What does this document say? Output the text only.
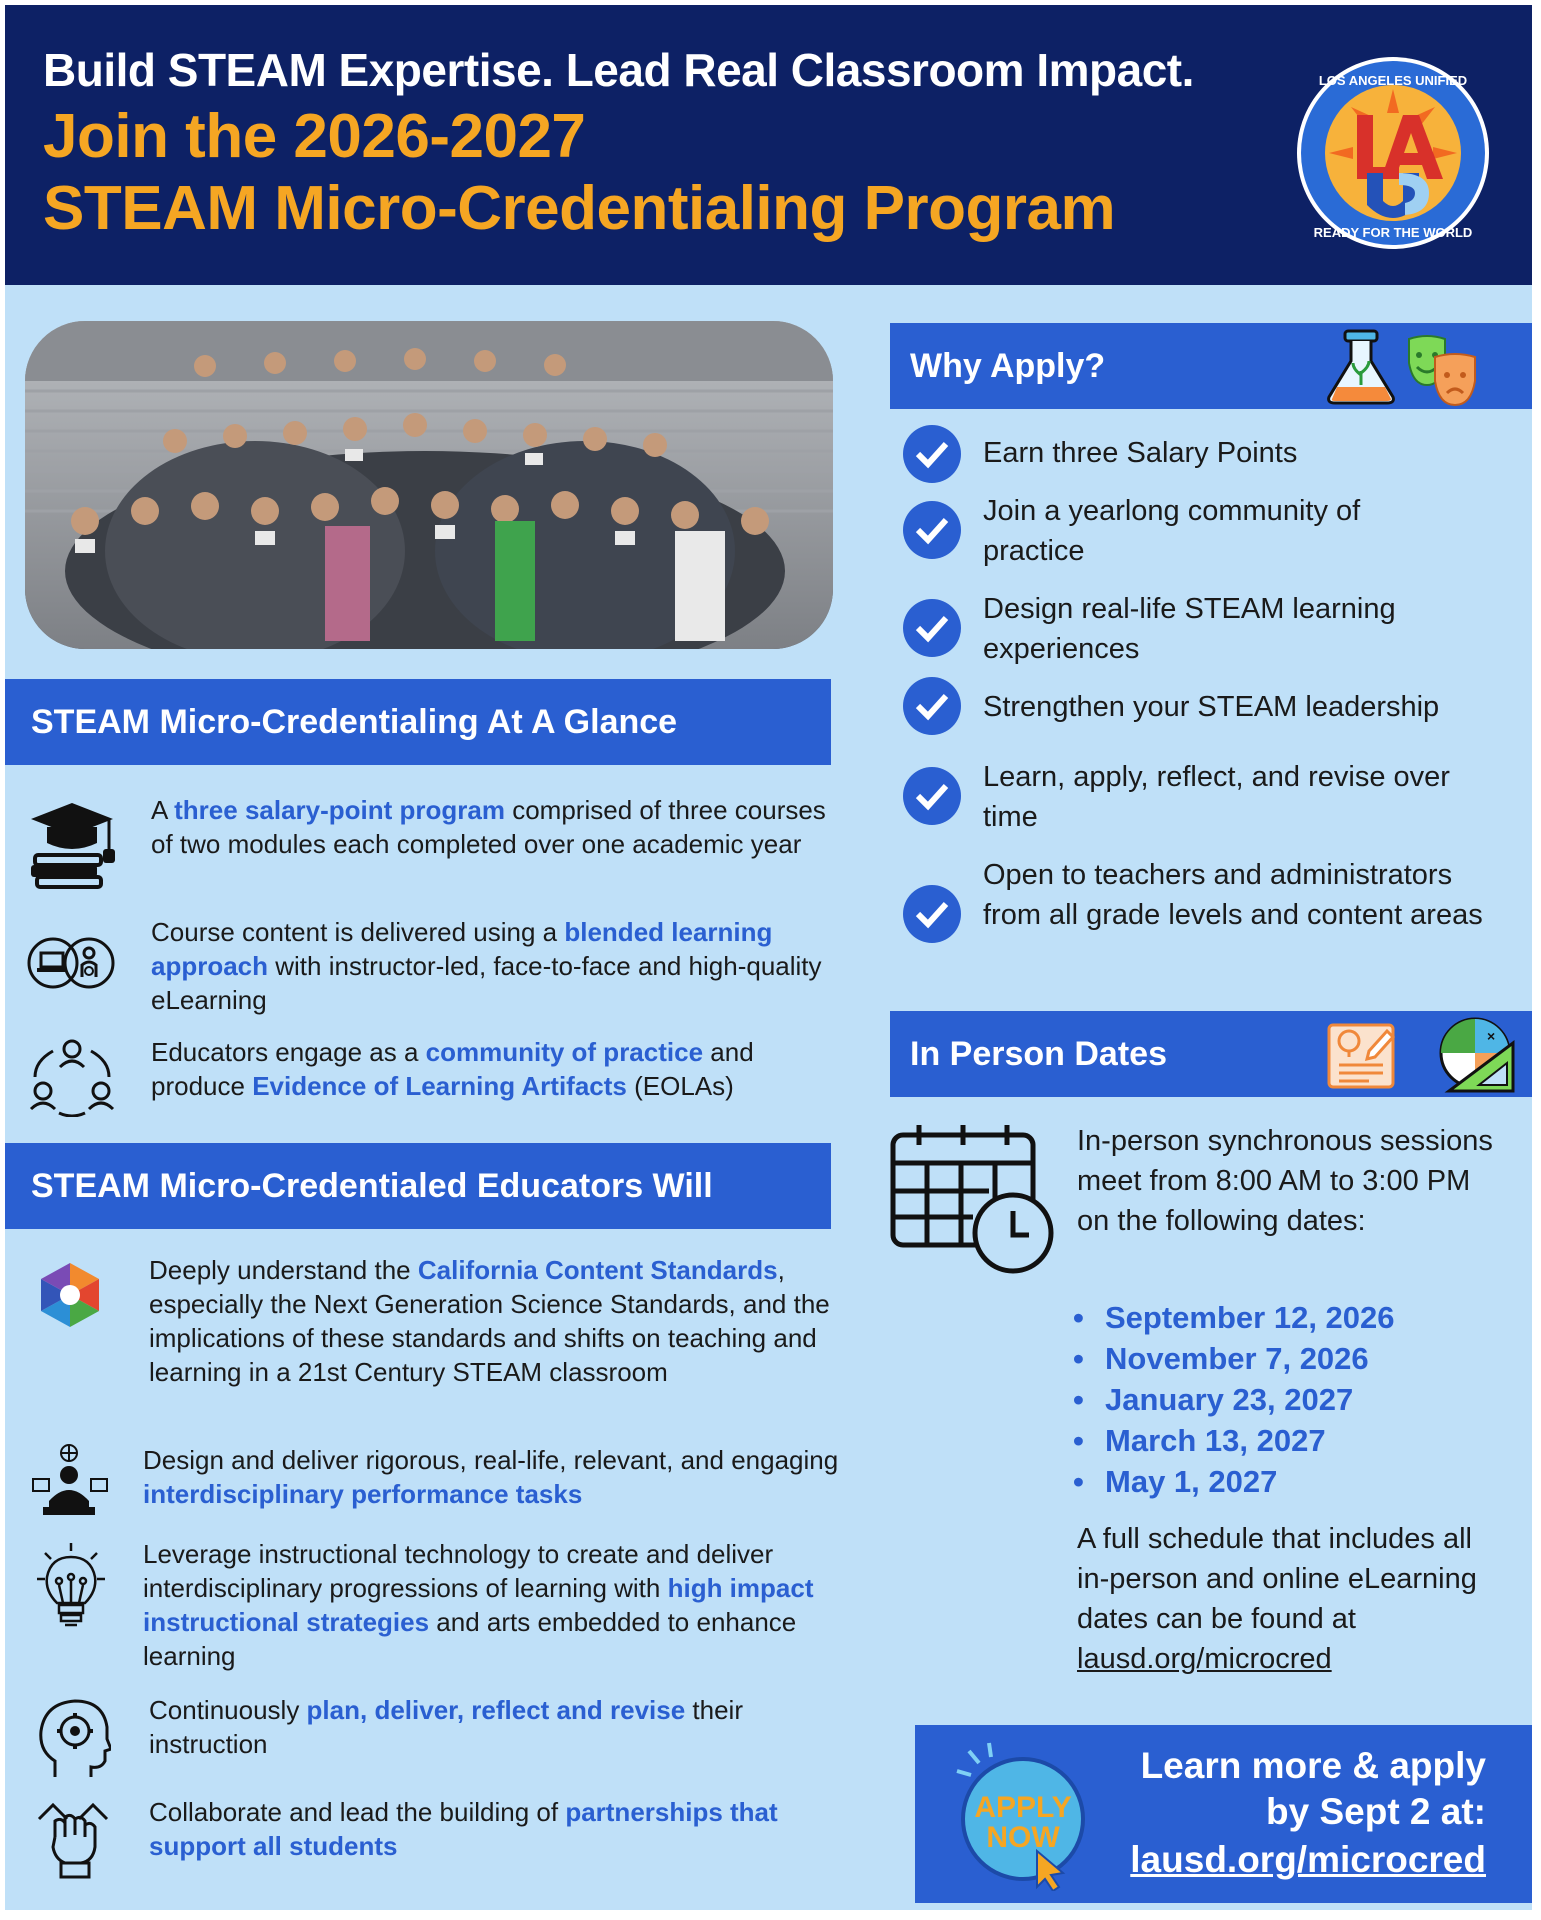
Build STEAM Expertise. Lead Real Classroom Impact.
Join the 2026-2027
STEAM Micro-Credentialing Program
LOS ANGELES UNIFIED
READY FOR THE WORLD
STEAM Micro-Credentialing At A Glance
A three salary-point program comprised of three courses of two modules each completed over one academic year
Course content is delivered using a blended learning approach with instructor-led, face-to-face and high-quality eLearning
Educators engage as a community of practice and produce Evidence of Learning Artifacts (EOLAs)
STEAM Micro-Credentialed Educators Will
Deeply understand the California Content Standards, especially the Next Generation Science Standards, and the implications of these standards and shifts on teaching and learning in a 21st Century STEAM classroom
Design and deliver rigorous, real-life, relevant, and engaging interdisciplinary performance tasks
Leverage instructional technology to create and deliver interdisciplinary progressions of learning with high impact instructional strategies and arts embedded to enhance learning
Continuously plan, deliver, reflect and revise their instruction
Collaborate and lead the building of partnerships that support all students
Why Apply?
Earn three Salary Points
Join a yearlong community of practice
Design real-life STEAM learning experiences
Strengthen your STEAM leadership
Learn, apply, reflect, and revise over time
Open to teachers and administrators from all grade levels and content areas
In Person Dates	×
In-person synchronous sessions meet from 8:00 AM to 3:00 PM on the following dates:
• September 12, 2026
• November 7, 2026
• January 23, 2027
• March 13, 2027
• May 1, 2027
A full schedule that includes all in-person and online eLearning dates can be found at
lausd.org/microcred
APPLY
NOW
Learn more & apply
by Sept 2 at:
lausd.org/microcred
